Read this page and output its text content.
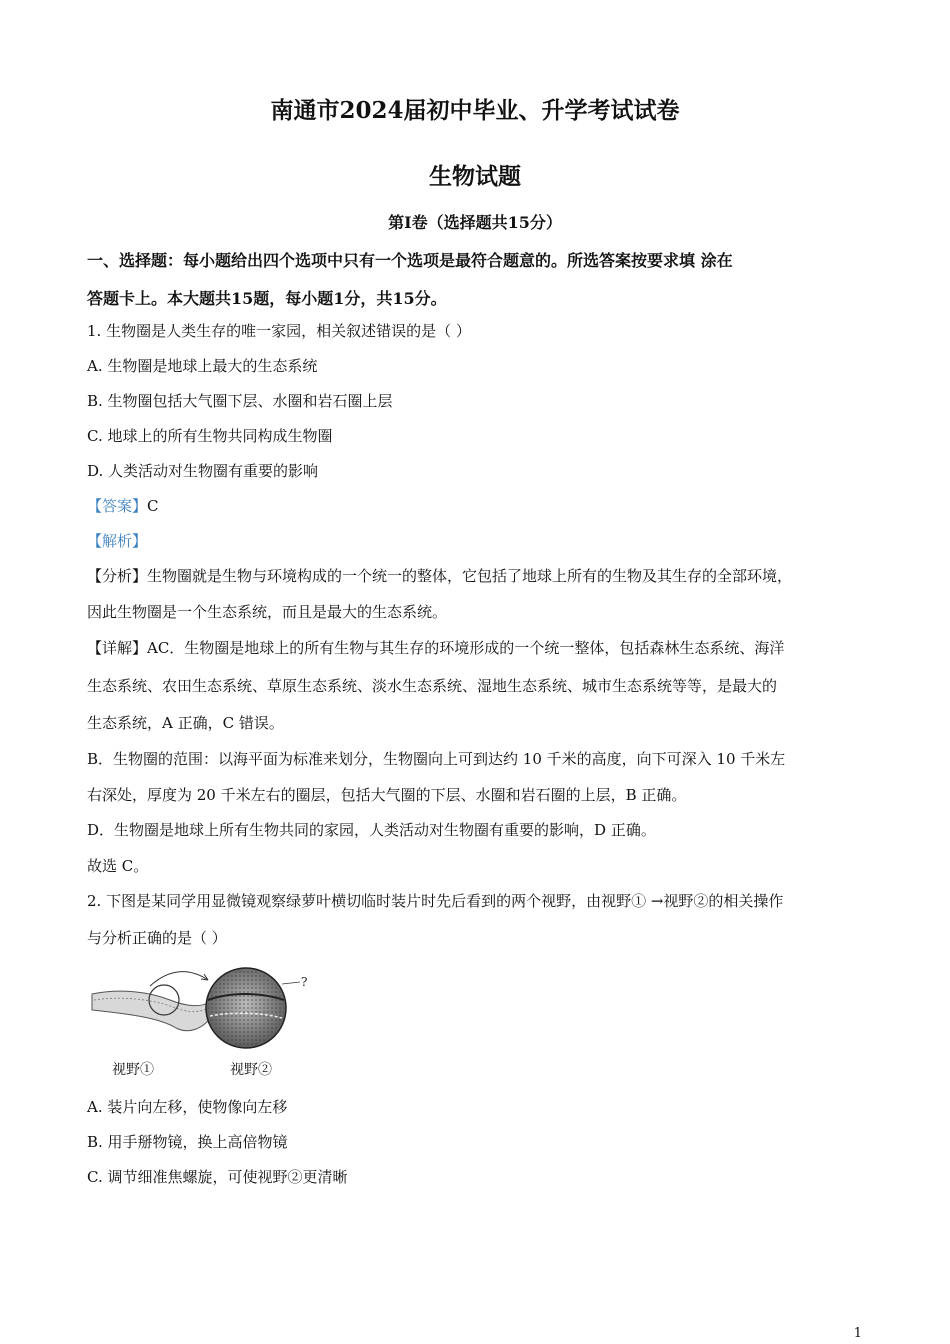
南通市2024届初中毕业、升学考试试卷
生物试题
第Ⅰ卷（选择题共15分）
一、选择题：每小题给出四个选项中只有一个选项是最符合题意的。所选答案按要求填 涂在
答题卡上。本大题共15题，每小题1分，共15分。
1. 生物圈是人类生存的唯一家园，相关叙述错误的是（ ）
A. 生物圈是地球上最大的生态系统
B. 生物圈包括大气圈下层、水圈和岩石圈上层
C. 地球上的所有生物共同构成生物圈
D. 人类活动对生物圈有重要的影响
【答案】C
【解析】
【分析】生物圈就是生物与环境构成的一个统一的整体，它包括了地球上所有的生物及其生存的全部环境，
因此生物圈是一个生态系统，而且是最大的生态系统。
【详解】AC．生物圈是地球上的所有生物与其生存的环境形成的一个统一整体，包括森林生态系统、海洋
生态系统、农田生态系统、草原生态系统、淡水生态系统、湿地生态系统、城市生态系统等等，是最大的
生态系统，A 正确，C 错误。
B．生物圈的范围：以海平面为标准来划分，生物圈向上可到达约 10 千米的高度，向下可深入 10 千米左
右深处，厚度为 20 千米左右的圈层，包括大气圈的下层、水圈和岩石圈的上层，B 正确。
D．生物圈是地球上所有生物共同的家园，人类活动对生物圈有重要的影响，D 正确。
故选 C。
2. 下图是某同学用显微镜观察绿萝叶横切临时装片时先后看到的两个视野，由视野① →视野②的相关操作
与分析正确的是（ ）
?
视野①	视野②
A. 装片向左移，使物像向左移
B. 用手掰物镜，换上高倍物镜
C. 调节细准焦螺旋，可使视野②更清晰
1
